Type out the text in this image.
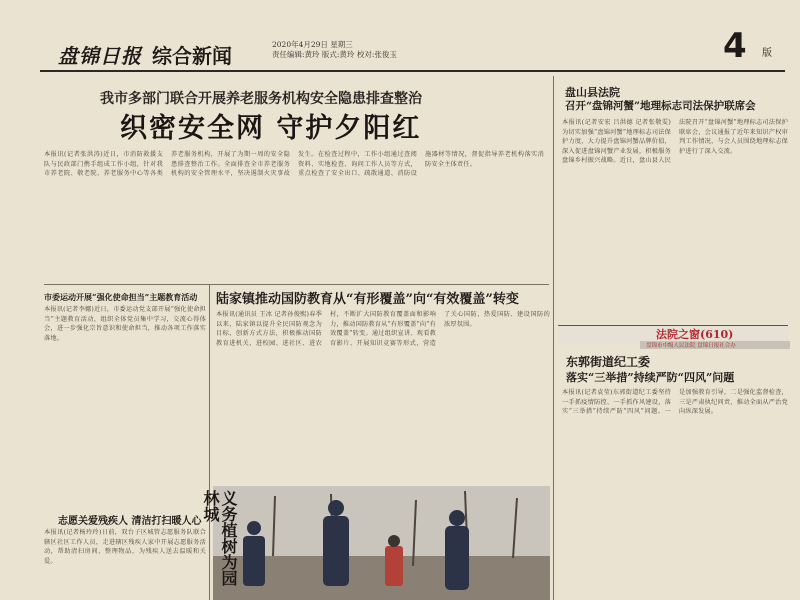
盘锦日报 综合新闻	2020年4月29日 星期三
责任编辑:黄玲 版式:黄玲 校对:张俊玉	4 版
我市多部门联合开展养老服务机构安全隐患排查整治
织密安全网 守护夕阳红
本报讯(记者张洪涛)近日，市消防救援支队与民政部门携手组成工作小组，针对我市养老院、敬老院、养老服务中心等各类养老服务机构，开展了为期一周的安全隐患排查整治工作。全面排查全市养老服务机构的安全管理水平，坚决遏制火灾事故发生。在检查过程中，工作小组通过查阅资料、实地检查、询问工作人员等方式，重点检查了安全出口、疏散通道、消防设施器材等情况，督促指导养老机构落实消防安全主体责任。
盘山县法院
召开“盘锦河蟹”地理标志司法保护联席会
本报讯(记者安宏 吕洪德 记者张敬雯)为切实加强“盘锦河蟹”地理标志司法保护力度，大力提升盘锦河蟹品牌价值，深入促进盘锦河蟹产业发展，积极服务盘锦乡村振兴战略。近日，盘山县人民法院召开“盘锦河蟹”地理标志司法保护联席会，会议通报了近年来知识产权审判工作情况，与会人员围绕地理标志保护进行了深入交流。
法院之窗(610)
盘锦市中级人民法院 盘锦日报社合办
市委运动开展“强化使命担当”主题教育活动
本报讯(记者李娜)近日，市委运动党支部开展“强化使命担当”主题教育活动，组织全体党员集中学习，交流心得体会，进一步强化宗旨意识和使命担当，推动各项工作落实落地。
陆家镇推动国防教育从“有形覆盖”向“有效覆盖”转变
本报讯(通讯员 王冰 记者孙俊熙)春季以来，陆家镇以提升全民国防观念为目标，创新方式方法，积极推动国防教育进机关、进校园、进社区、进农村，不断扩大国防教育覆盖面和影响力，推动国防教育从“有形覆盖”向“有效覆盖”转变。通过组织宣讲、观看教育影片、开展知识竞赛等形式，营造了关心国防、热爱国防、建设国防的浓厚氛围。
东郭街道纪工委
落实“三举措”持续严防“四风”问题
本报讯(记者袁莹)东郭街道纪工委坚持一手抓疫情防控、一手抓作风建设，落实“三举措”持续严防“四风”问题。一是加强教育引导，二是强化监督检查，三是严肃执纪问责，推动全面从严治党向纵深发展。
志愿关爱残疾人 清洁打扫暖人心
本报讯(记者杨玲玲)日前，双台子区城管志愿服务队联合辖区社区工作人员，走进辖区残疾人家中开展志愿服务活动，帮助清扫房间、整理物品，为残疾人送去温暖和关爱。	义务植树为园林城
